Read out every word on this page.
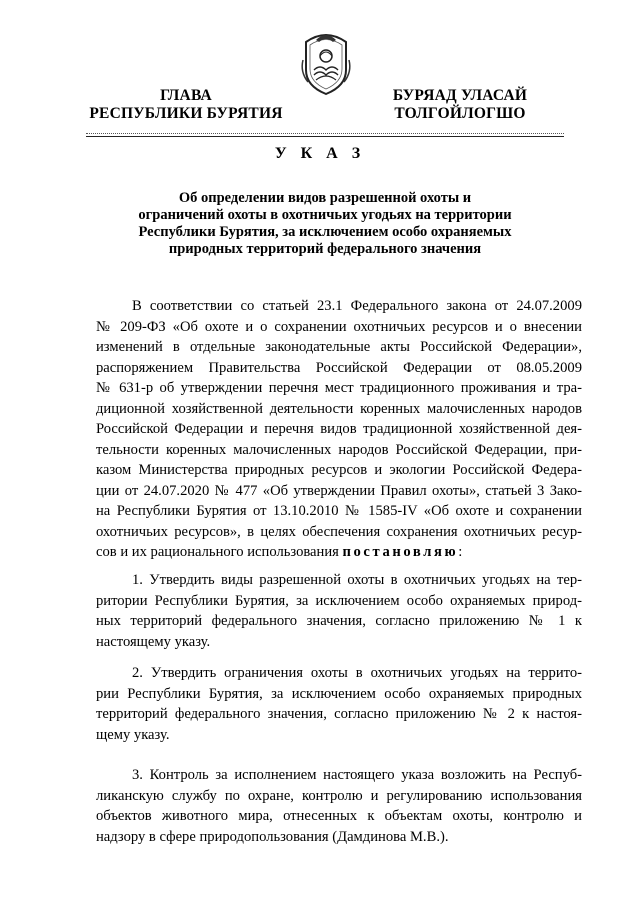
ГЛАВА
РЕСПУБЛИКИ БУРЯТИЯ
БУРЯАД УЛАСАЙ
ТОЛГОЙЛОГШО
У К А З
Об определении видов разрешенной охоты и
ограничений охоты в охотничьих угодьях на территории
Республики Бурятия, за исключением особо охраняемых
природных территорий федерального значения
В соответствии со статьей 23.1 Федерального закона от 24.07.2009
№ 209-ФЗ «Об охоте и о сохранении охотничьих ресурсов и о внесении
изменений в отдельные законодательные акты Российской Федерации»,
распоряжением Правительства Российской Федерации от 08.05.2009
№ 631-р об утверждении перечня мест традиционного проживания и тра-
диционной хозяйственной деятельности коренных малочисленных народов
Российской Федерации и перечня видов традиционной хозяйственной дея-
тельности коренных малочисленных народов Российской Федерации, при-
казом Министерства природных ресурсов и экологии Российской Федера-
ции от 24.07.2020 № 477 «Об утверждении Правил охоты», статьей 3 Зако-
на Республики Бурятия от 13.10.2010 № 1585-IV «Об охоте и сохранении
охотничьих ресурсов», в целях обеспечения сохранения охотничьих ресур-
сов и их рационального использования постановляю:
1. Утвердить виды разрешенной охоты в охотничьих угодьях на тер-
ритории Республики Бурятия, за исключением особо охраняемых природ-
ных территорий федерального значения, согласно приложению № 1 к
настоящему указу.
2. Утвердить ограничения охоты в охотничьих угодьях на террито-
рии Республики Бурятия, за исключением особо охраняемых природных
территорий федерального значения, согласно приложению № 2 к настоя-
щему указу.
3. Контроль за исполнением настоящего указа возложить на Респуб-
ликанскую службу по охране, контролю и регулированию использования
объектов животного мира, отнесенных к объектам охоты, контролю и
надзору в сфере природопользования (Дамдинова М.В.).
